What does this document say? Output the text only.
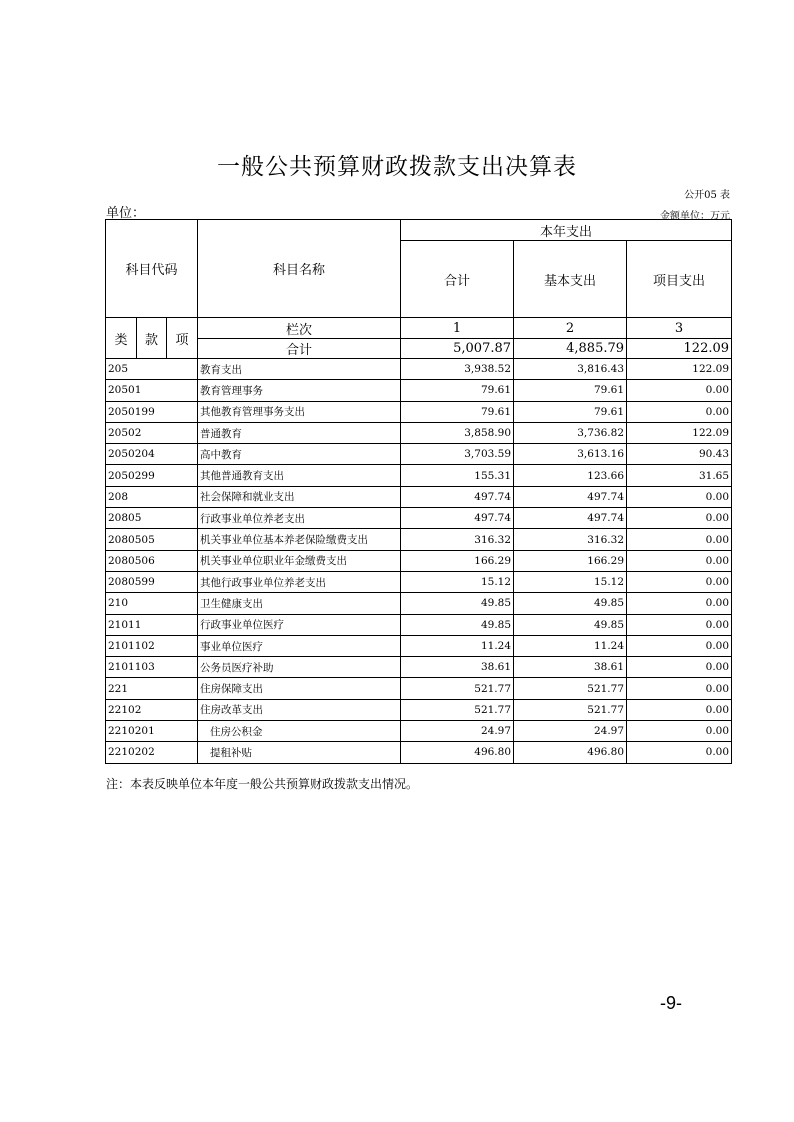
一般公共预算财政拨款支出决算表
公开05 表
单位：	金额单位：万元
科目代码			科目名称	本年支出		
				合计	基本支出	项目支出
类	款	项	栏次	1	2	3
			合计	5,007.87	4,885.79	122.09
205			教育支出	3,938.52	3,816.43	122.09
20501			教育管理事务	79.61	79.61	0.00
2050199			其他教育管理事务支出	79.61	79.61	0.00
20502			普通教育	3,858.90	3,736.82	122.09
2050204			高中教育	3,703.59	3,613.16	90.43
2050299			其他普通教育支出	155.31	123.66	31.65
208			社会保障和就业支出	497.74	497.74	0.00
20805			行政事业单位养老支出	497.74	497.74	0.00
2080505			机关事业单位基本养老保险缴费支出	316.32	316.32	0.00
2080506			机关事业单位职业年金缴费支出	166.29	166.29	0.00
2080599			其他行政事业单位养老支出	15.12	15.12	0.00
210			卫生健康支出	49.85	49.85	0.00
21011			行政事业单位医疗	49.85	49.85	0.00
2101102			事业单位医疗	11.24	11.24	0.00
2101103			公务员医疗补助	38.61	38.61	0.00
221			住房保障支出	521.77	521.77	0.00
22102			住房改革支出	521.77	521.77	0.00
2210201			住房公积金	24.97	24.97	0.00
2210202			提租补贴	496.80	496.80	0.00
注：本表反映单位本年度一般公共预算财政拨款支出情况。
-9-
